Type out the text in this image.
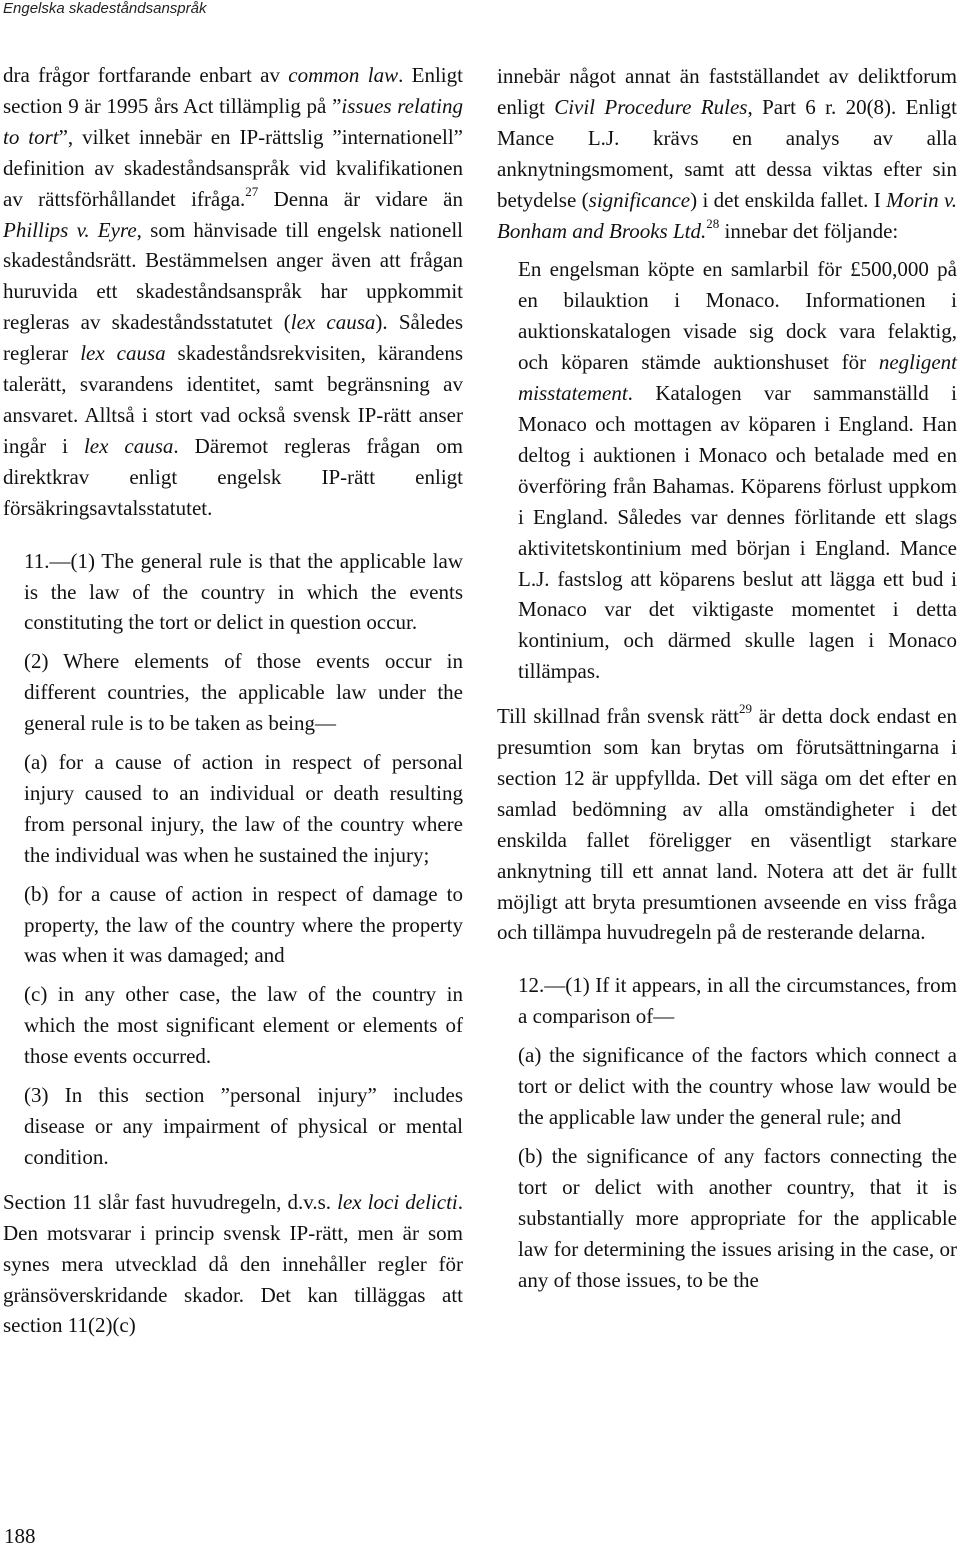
Engelska skadeståndsanspråk

dra frågor fortfarande enbart av common law. Enligt section 9 är 1995 års Act tillämplig på ”issues relating to tort”, vilket innebär en IP-rättslig ”internationell” definition av skadeståndsanspråk vid kvalifikationen av rättsförhållandet ifråga.$^{27}$ Denna är vidare än Phillips v. Eyre, som hänvisade till engelsk nationell skadeståndsrätt. Bestämmelsen anger även att frågan huruvida ett skadeståndsanspråk har uppkommit regleras av skadeståndsstatutet (lex causa). Således reglerar lex causa skadeståndsrekvisiten, kärandens talerätt, svarandens identitet, samt begränsning av ansvaret. Alltså i stort vad också svensk IP-rätt anser ingår i lex causa. Däremot regleras frågan om direktkrav enligt engelsk IP-rätt enligt försäkringsavtalsstatutet.

11.—(1) The general rule is that the applicable law is the law of the country in which the events constituting the tort or delict in question occur.

(2) Where elements of those events occur in different countries, the applicable law under the general rule is to be taken as being—

(a) for a cause of action in respect of personal injury caused to an individual or death resulting from personal injury, the law of the country where the individual was when he sustained the injury;

(b) for a cause of action in respect of damage to property, the law of the country where the property was when it was damaged; and

(c) in any other case, the law of the country in which the most significant element or elements of those events occurred.

(3) In this section ”personal injury” includes disease or any impairment of physical or mental condition.

Section 11 slår fast huvudregeln, d.v.s. lex loci delicti. Den motsvarar i princip svensk IP-rätt, men är som synes mera utvecklad då den innehåller regler för gränsöverskridande skador. Det kan tilläggas att section 11(2)(c)

innebär något annat än fastställandet av deliktforum enligt Civil Procedure Rules, Part 6 r. 20(8). Enligt Mance L.J. krävs en analys av alla anknytningsmoment, samt att dessa viktas efter sin betydelse (significance) i det enskilda fallet. I Morin v. Bonham and Brooks Ltd.$^{28}$ innebar det följande:

En engelsman köpte en samlarbil för £500,000 på en bilauktion i Monaco. Informationen i auktionskatalogen visade sig dock vara felaktig, och köparen stämde auktionshuset för negligent misstatement. Katalogen var sammanställd i Monaco och mottagen av köparen i England. Han deltog i auktionen i Monaco och betalade med en överföring från Bahamas. Köparens förlust uppkom i England. Således var dennes förlitande ett slags aktivitetskontinium med början i England. Mance L.J. fastslog att köparens beslut att lägga ett bud i Monaco var det viktigaste momentet i detta kontinium, och därmed skulle lagen i Monaco tillämpas.

Till skillnad från svensk rätt$^{29}$ är detta dock endast en presumtion som kan brytas om förutsättningarna i section 12 är uppfyllda. Det vill säga om det efter en samlad bedömning av alla omständigheter i det enskilda fallet föreligger en väsentligt starkare anknytning till ett annat land. Notera att det är fullt möjligt att bryta presumtionen avseende en viss fråga och tillämpa huvudregeln på de resterande delarna.

12.—(1) If it appears, in all the circumstances, from a comparison of—

(a) the significance of the factors which connect a tort or delict with the country whose law would be the applicable law under the general rule; and

(b) the significance of any factors connecting the tort or delict with another country, that it is substantially more appropriate for the applicable law for determining the issues arising in the case, or any of those issues, to be the

188
